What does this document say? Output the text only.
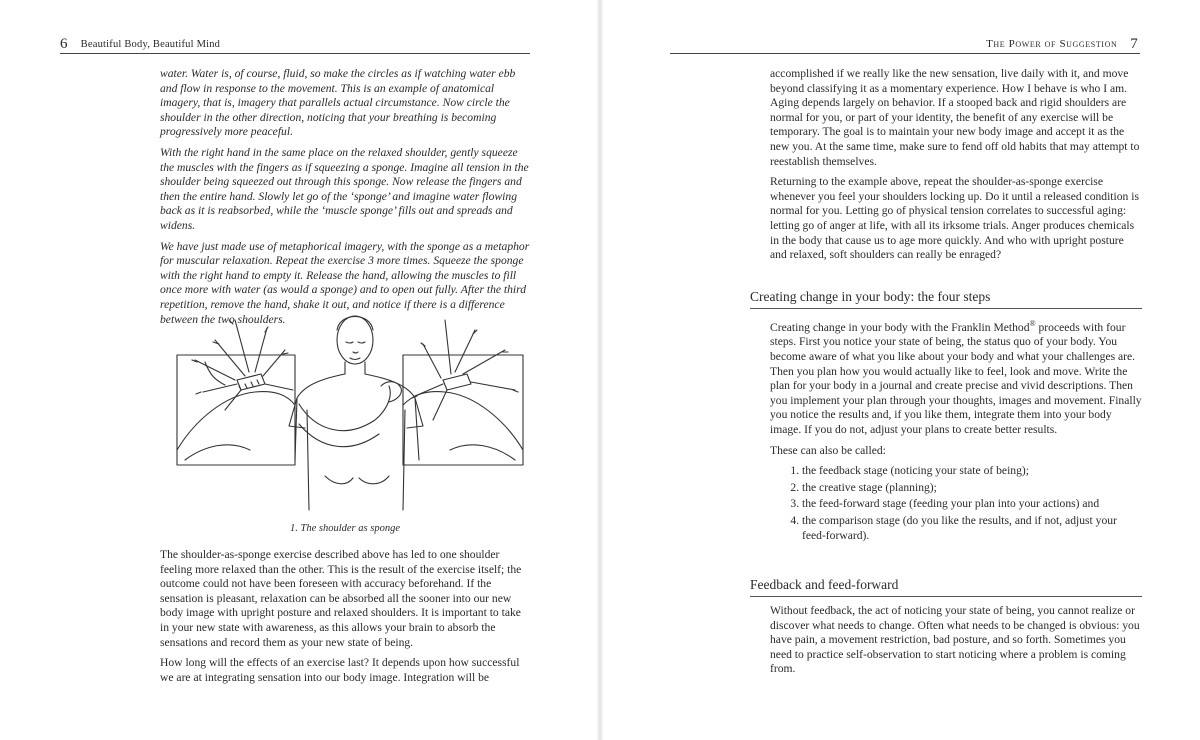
6 Beautiful Body, Beautiful Mind

water. Water is, of course, fluid, so make the circles as if watching water ebb and flow in response to the movement. This is an example of anatomical imagery, that is, imagery that parallels actual circumstance. Now circle the shoulder in the other direction, noticing that your breathing is becoming progressively more peaceful.

With the right hand in the same place on the relaxed shoulder, gently squeeze the muscles with the fingers as if squeezing a sponge. Imagine all tension in the shoulder being squeezed out through this sponge. Now release the fingers and then the entire hand. Slowly let go of the ‘sponge’ and imagine water flowing back as it is reabsorbed, while the ‘muscle sponge’ fills out and spreads and widens.

We have just made use of metaphorical imagery, with the sponge as a metaphor for muscular relaxation. Repeat the exercise 3 more times. Squeeze the sponge with the right hand to empty it. Release the hand, allowing the muscles to fill once more with water (as would a sponge) and to open out fully. After the third repetition, remove the hand, shake it out, and notice if there is a difference between the two shoulders.

1. The shoulder as sponge

The shoulder-as-sponge exercise described above has led to one shoulder feeling more relaxed than the other. This is the result of the exercise itself; the outcome could not have been foreseen with accuracy beforehand. If the sensation is pleasant, relaxation can be absorbed all the sooner into our new body image with upright posture and relaxed shoulders. It is important to take in your new state with awareness, as this allows your brain to absorb the sensations and record them as your new state of being.

How long will the effects of an exercise last? It depends upon how successful we are at integrating sensation into our body image. Integration will be

The Power of Suggestion 7

accomplished if we really like the new sensation, live daily with it, and move beyond classifying it as a momentary experience. How I behave is who I am. Aging depends largely on behavior. If a stooped back and rigid shoulders are normal for you, or part of your identity, the benefit of any exercise will be temporary. The goal is to maintain your new body image and accept it as the new you. At the same time, make sure to fend off old habits that may attempt to reestablish themselves.

Returning to the example above, repeat the shoulder-as-sponge exercise whenever you feel your shoulders locking up. Do it until a released condition is normal for you. Letting go of physical tension correlates to successful aging: letting go of anger at life, with all its irksome trials. Anger produces chemicals in the body that cause us to age more quickly. And who with upright posture and relaxed, soft shoulders can really be enraged?

Creating change in your body: the four steps

Creating change in your body with the Franklin Method® proceeds with four steps. First you notice your state of being, the status quo of your body. You become aware of what you like about your body and what your challenges are. Then you plan how you would actually like to feel, look and move. Write the plan for your body in a journal and create precise and vivid descriptions. Then you implement your plan through your thoughts, images and movement. Finally you notice the results and, if you like them, integrate them into your body image. If you do not, adjust your plans to create better results.

These can also be called:

1. the feedback stage (noticing your state of being);
2. the creative stage (planning);
3. the feed-forward stage (feeding your plan into your actions) and
4. the comparison stage (do you like the results, and if not, adjust your feed-forward).
Feedback and feed-forward

Without feedback, the act of noticing your state of being, you cannot realize or discover what needs to change. Often what needs to be changed is obvious: you have pain, a movement restriction, bad posture, and so forth. Sometimes you need to practice self-observation to start noticing where a problem is coming from.
